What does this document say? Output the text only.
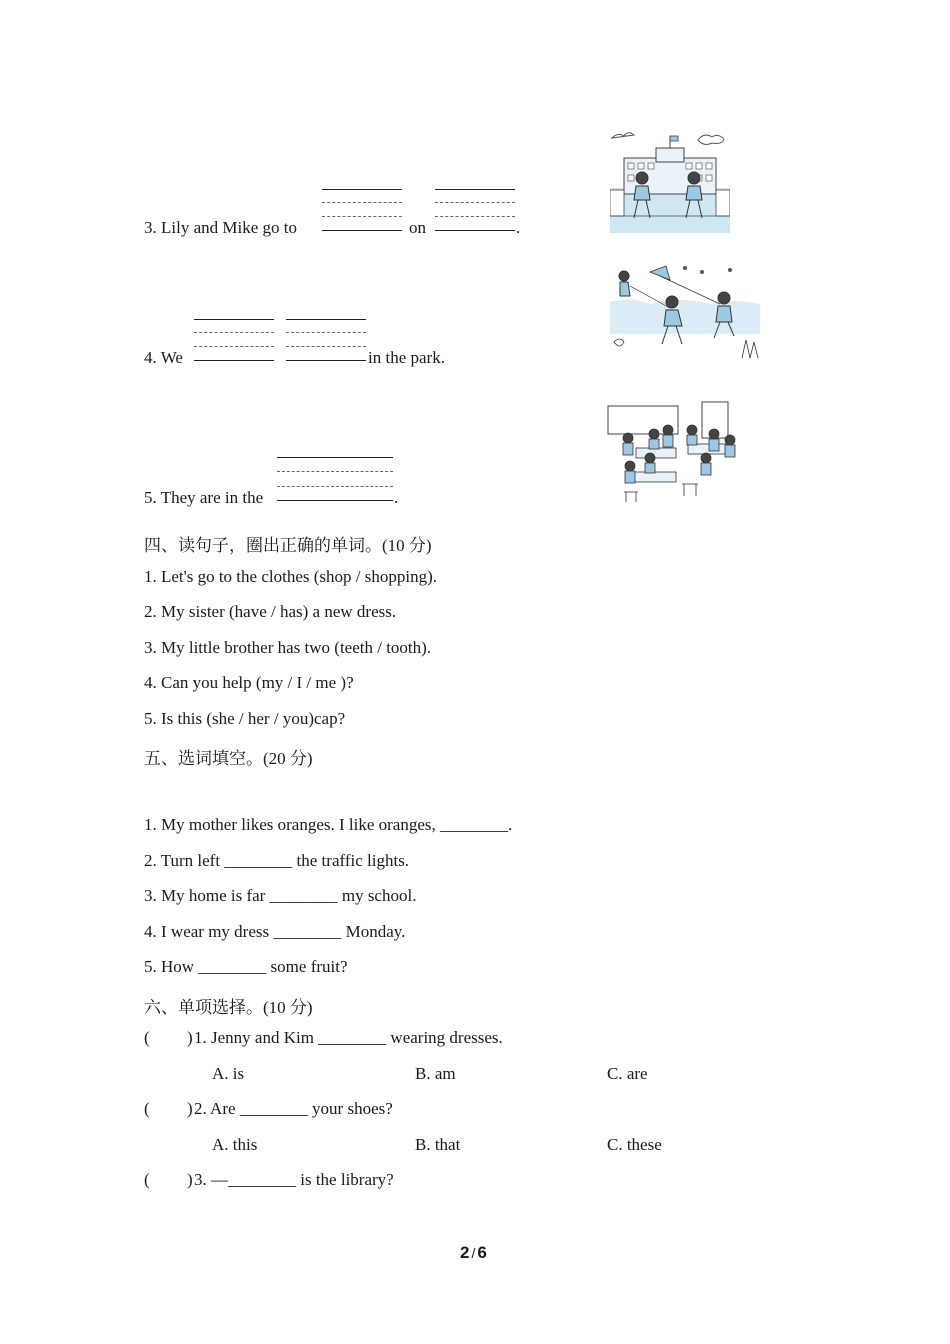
3. Lily and Mike go to	on	.
4. We	in the park.
5. They are in the	.
四、读句子，圈出正确的单词。(10 分)
1. Let's go to the clothes (shop / shopping).
2. My sister (have / has) a new dress.
3. My little brother has two (teeth / tooth).
4. Can you help (my / I / me )?
5. Is this (she / her / you)cap?
五、选词填空。(20 分)
1. My mother likes oranges. I like oranges, ________.
2. Turn left ________ the traffic lights.
3. My home is far ________ my school.
4. I wear my dress ________ Monday.
5. How ________ some fruit?
六、单项选择。(10 分)
( ) 1. Jenny and Kim ________ wearing dresses.
A. is	B. am	C. are
( ) 2. Are ________ your shoes?
A. this	B. that	C. these
( ) 3. —________ is the library?
2 / 6
